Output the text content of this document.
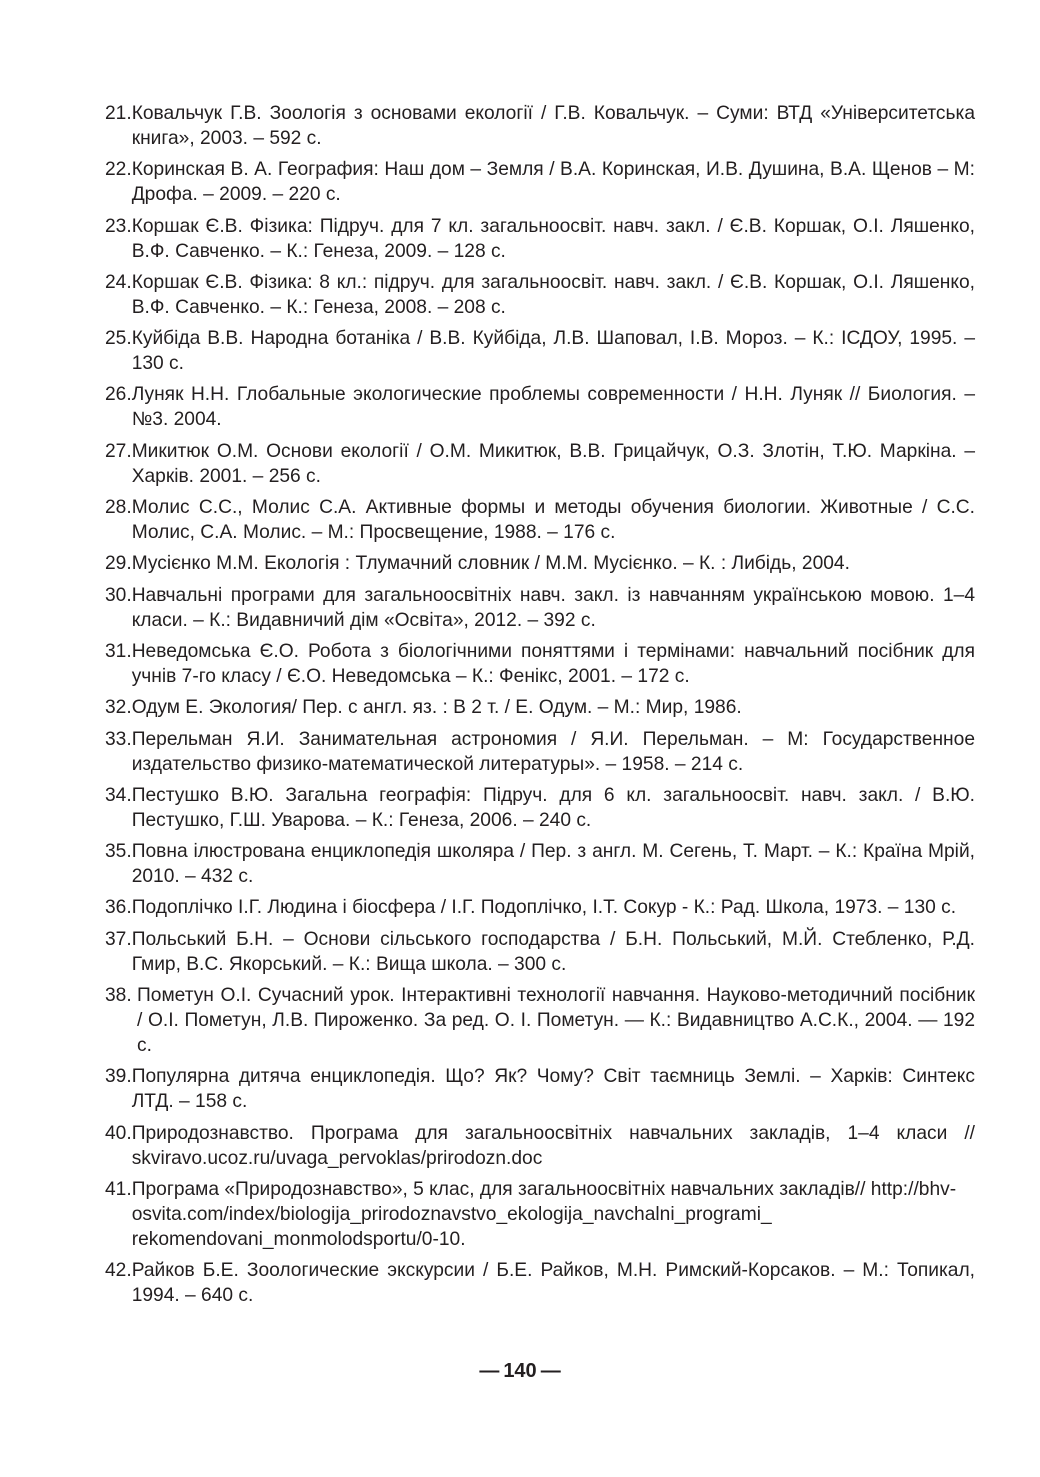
21. Ковальчук Г.В. Зоологія з основами екології / Г.В. Ковальчук. – Суми: ВТД «Університетська книга», 2003. – 592 с.
22. Коринская В. А. География: Наш дом – Земля / В.А. Коринская, И.В. Душина, В.А. Щенов – М: Дрофа. – 2009. – 220 с.
23. Коршак Є.В. Фізика: Підруч. для 7 кл. загальноосвіт. навч. закл. / Є.В. Коршак, О.І. Ляшенко, В.Ф. Савченко. – К.: Генеза, 2009. – 128 с.
24. Коршак Є.В. Фізика: 8 кл.: підруч. для загальноосвіт. навч. закл. / Є.В. Коршак, О.І. Ляшенко, В.Ф. Савченко. – К.: Генеза, 2008. – 208 с.
25. Куйбіда В.В. Народна ботаніка / В.В. Куйбіда, Л.В. Шаповал, І.В. Мороз. – К.: ІСДОУ, 1995. – 130 с.
26. Луняк Н.Н. Глобальные экологические проблемы современности / Н.Н. Луняк // Биология. – №3. 2004.
27. Микитюк О.М. Основи екології / О.М. Микитюк, В.В. Грицайчук, О.З. Злотін, Т.Ю. Маркіна. – Харків. 2001. – 256 с.
28. Молис С.С., Молис С.А. Активные формы и методы обучения биологии. Животные / С.С. Молис, С.А. Молис. – М.: Просвещение, 1988. – 176 с.
29. Мусієнко М.М. Екологія : Тлумачний словник / М.М. Мусієнко. – К. : Либідь, 2004.
30. Навчальні програми для загальноосвітніх навч. закл. із навчанням українською мовою. 1–4 класи. – К.: Видавничий дім «Освіта», 2012. – 392 с.
31. Неведомська Є.О. Робота з біологічними поняттями і термінами: навчальний посібник для учнів 7-го класу / Є.О. Неведомська – К.: Фенікс, 2001. – 172 с.
32. Одум Е. Экология/ Пер. с англ. яз. : В 2 т. / Е. Одум. – М.: Мир, 1986.
33. Перельман Я.И. Занимательная астрономия / Я.И. Перельман. – М: Государственное издательство физико-математической литературы». – 1958. – 214 с.
34. Пестушко В.Ю. Загальна географія: Підруч. для 6 кл. загальноосвіт. навч. закл. / В.Ю. Пестушко, Г.Ш. Уварова. – К.: Генеза, 2006. – 240 с.
35. Повна ілюстрована енциклопедія школяра / Пер. з англ. М. Сегень, Т. Март. – К.: Країна Мрій, 2010. – 432 с.
36. Подоплічко І.Г. Людина і біосфера / І.Г. Подоплічко, І.Т. Сокур - К.: Рад. Школа, 1973. – 130 с.
37. Польський Б.Н. – Основи сільського господарства / Б.Н. Польський, М.Й. Стебленко, Р.Д. Гмир, В.С. Якорський. – К.: Вища школа. – 300 с.
38. Пометун О.І. Сучасний урок. Інтерактивні технології навчання. Науково-методичний посібник / О.І. Пометун, Л.В. Пироженко. За ред. О. І. Пометун. — К.: Видавництво А.С.К., 2004. — 192 с.
39. Популярна дитяча енциклопедія. Що? Як? Чому? Світ таємниць Землі. – Харків: Синтекс ЛТД. – 158 с.
40. Природознавство. Програма для загальноосвітніх навчальних закладів, 1–4 класи // skviravo.ucoz.ru/uvaga_pervoklas/prirodozn.doc
41. Програма «Природознавство», 5 клас, для загальноосвітніх навчальних закладів// http://bhv-osvita.com/index/biologija_prirodoznavstvo_ekologija_navchalni_programi_ rekomendovani_monmolodsportu/0-10.
42. Райков Б.Е. Зоологические экскурсии / Б.Е. Райков, М.Н. Римский-Корсаков. – М.: Топикал, 1994. – 640 с.
— 140 —
